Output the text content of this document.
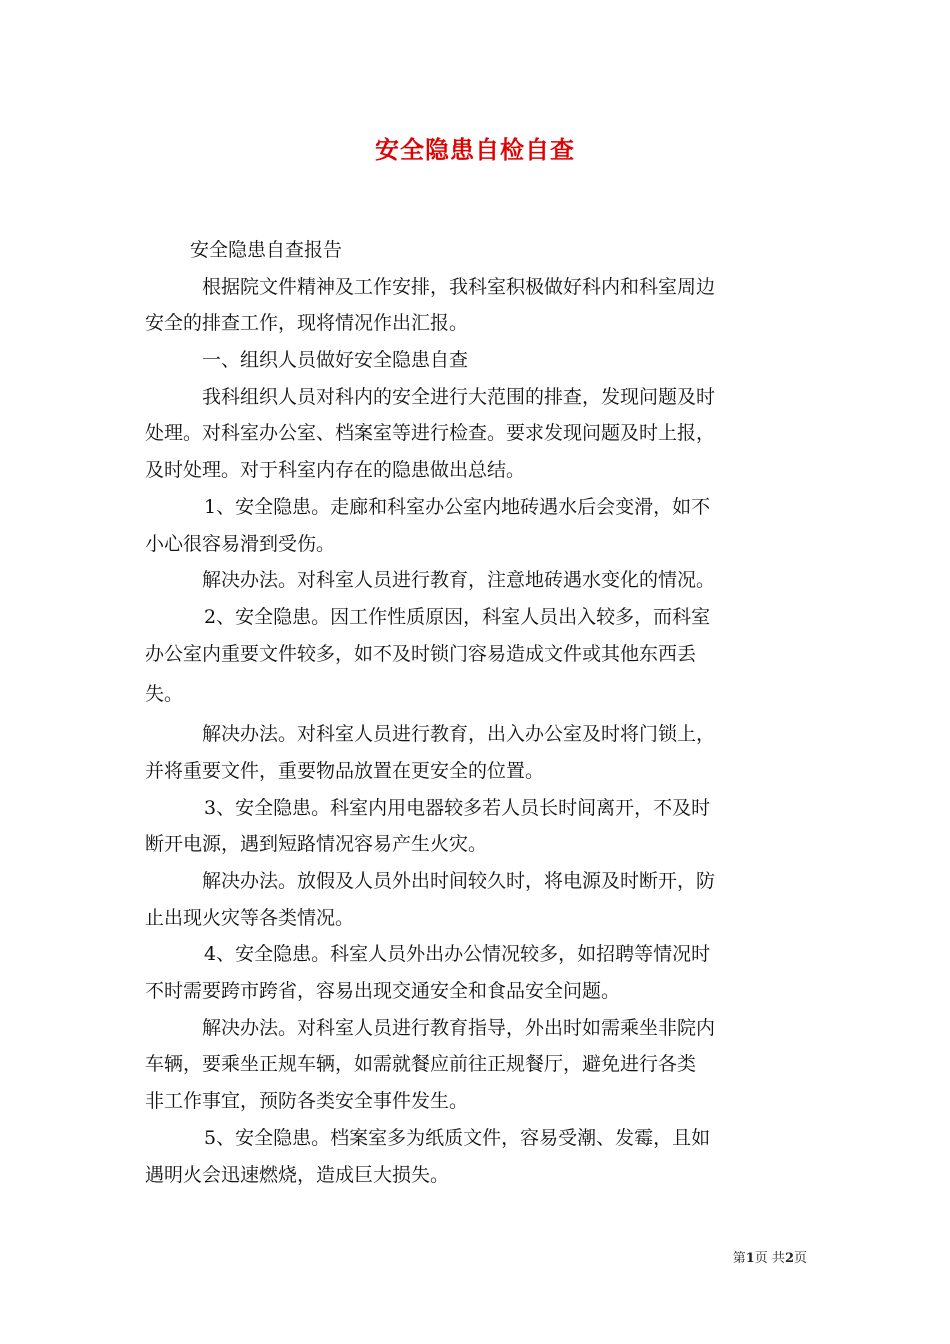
安全隐患自检自查
安全隐患自查报告
根据院文件精神及工作安排，我科室积极做好科内和科室周边
安全的排查工作，现将情况作出汇报。
一、组织人员做好安全隐患自查
我科组织人员对科内的安全进行大范围的排查，发现问题及时
处理。对科室办公室、档案室等进行检查。要求发现问题及时上报，
及时处理。对于科室内存在的隐患做出总结。
1、安全隐患。走廊和科室办公室内地砖遇水后会变滑，如不
小心很容易滑到受伤。
解决办法。对科室人员进行教育，注意地砖遇水变化的情况。
2、安全隐患。因工作性质原因，科室人员出入较多，而科室
办公室内重要文件较多，如不及时锁门容易造成文件或其他东西丢
失。
解决办法。对科室人员进行教育，出入办公室及时将门锁上，
并将重要文件，重要物品放置在更安全的位置。
3、安全隐患。科室内用电器较多若人员长时间离开，不及时
断开电源，遇到短路情况容易产生火灾。
解决办法。放假及人员外出时间较久时，将电源及时断开，防
止出现火灾等各类情况。
4、安全隐患。科室人员外出办公情况较多，如招聘等情况时
不时需要跨市跨省，容易出现交通安全和食品安全问题。
解决办法。对科室人员进行教育指导，外出时如需乘坐非院内
车辆，要乘坐正规车辆，如需就餐应前往正规餐厅，避免进行各类
非工作事宜，预防各类安全事件发生。
5、安全隐患。档案室多为纸质文件，容易受潮、发霉，且如
遇明火会迅速燃烧，造成巨大损失。
第1页 共2页
